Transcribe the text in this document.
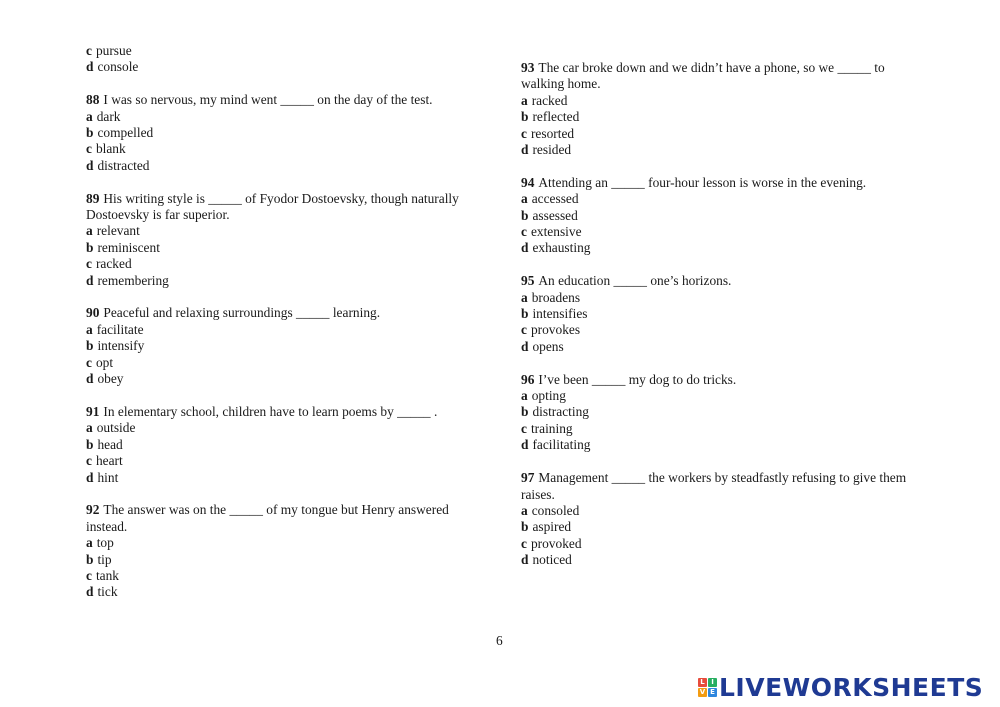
c pursue
d console
88 I was so nervous, my mind went _____ on the day of the test.
a dark
b compelled
c blank
d distracted
89 His writing style is _____ of Fyodor Dostoevsky, though naturally Dostoevsky is far superior.
a relevant
b reminiscent
c racked
d remembering
90 Peaceful and relaxing surroundings _____ learning.
a facilitate
b intensify
c opt
d obey
91 In elementary school, children have to learn poems by _____ .
a outside
b head
c heart
d hint
92 The answer was on the _____ of my tongue but Henry answered instead.
a top
b tip
c tank
d tick
93 The car broke down and we didn’t have a phone, so we _____ to walking home.
a racked
b reflected
c resorted
d resided
94 Attending an _____ four-hour lesson is worse in the evening.
a accessed
b assessed
c extensive
d exhausting
95 An education _____ one’s horizons.
a broadens
b intensifies
c provokes
d opens
96 I’ve been _____ my dog to do tricks.
a opting
b distracting
c training
d facilitating
97 Management _____ the workers by steadfastly refusing to give them raises.
a consoled
b aspired
c provoked
d noticed
6
L I
V E LIVEWORKSHEETS
